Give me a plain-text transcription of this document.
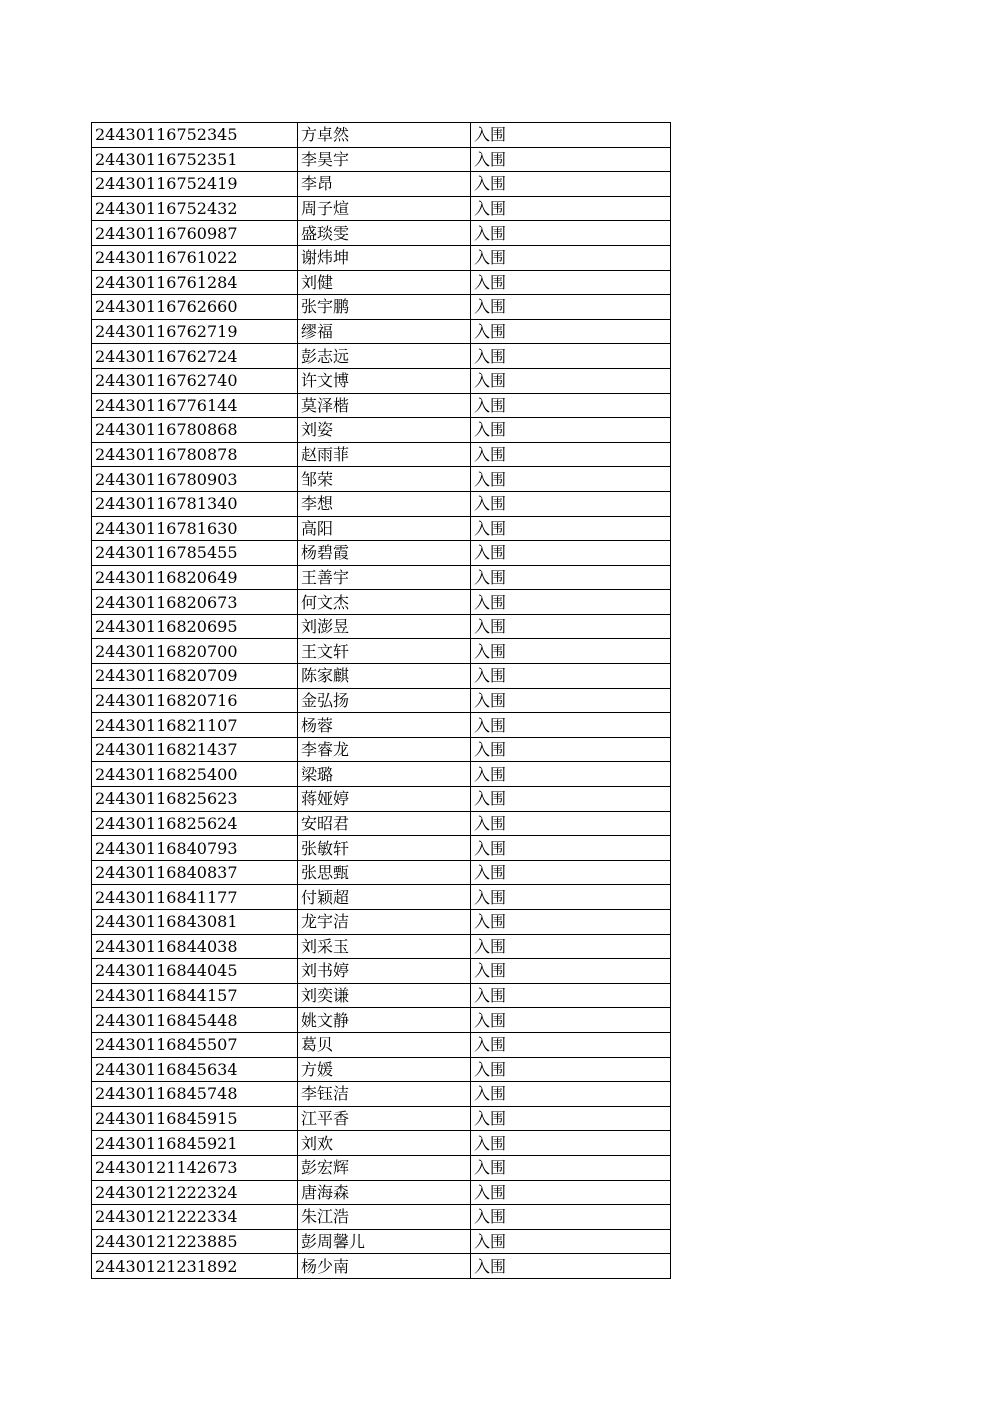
24430116752345	方卓然	入围
24430116752351	李昊宇	入围
24430116752419	李昂	入围
24430116752432	周子煊	入围
24430116760987	盛琰雯	入围
24430116761022	谢炜坤	入围
24430116761284	刘健	入围
24430116762660	张宇鹏	入围
24430116762719	缪福	入围
24430116762724	彭志远	入围
24430116762740	许文博	入围
24430116776144	莫泽楷	入围
24430116780868	刘姿	入围
24430116780878	赵雨菲	入围
24430116780903	邹荣	入围
24430116781340	李想	入围
24430116781630	高阳	入围
24430116785455	杨碧霞	入围
24430116820649	王善宇	入围
24430116820673	何文杰	入围
24430116820695	刘澎昱	入围
24430116820700	王文轩	入围
24430116820709	陈家麒	入围
24430116820716	金弘扬	入围
24430116821107	杨蓉	入围
24430116821437	李睿龙	入围
24430116825400	梁璐	入围
24430116825623	蒋娅婷	入围
24430116825624	安昭君	入围
24430116840793	张敏轩	入围
24430116840837	张思甄	入围
24430116841177	付颖超	入围
24430116843081	龙宇洁	入围
24430116844038	刘采玉	入围
24430116844045	刘书婷	入围
24430116844157	刘奕谦	入围
24430116845448	姚文静	入围
24430116845507	葛贝	入围
24430116845634	方媛	入围
24430116845748	李钰洁	入围
24430116845915	江平香	入围
24430116845921	刘欢	入围
24430121142673	彭宏辉	入围
24430121222324	唐海森	入围
24430121222334	朱江浩	入围
24430121223885	彭周馨儿	入围
24430121231892	杨少南	入围
